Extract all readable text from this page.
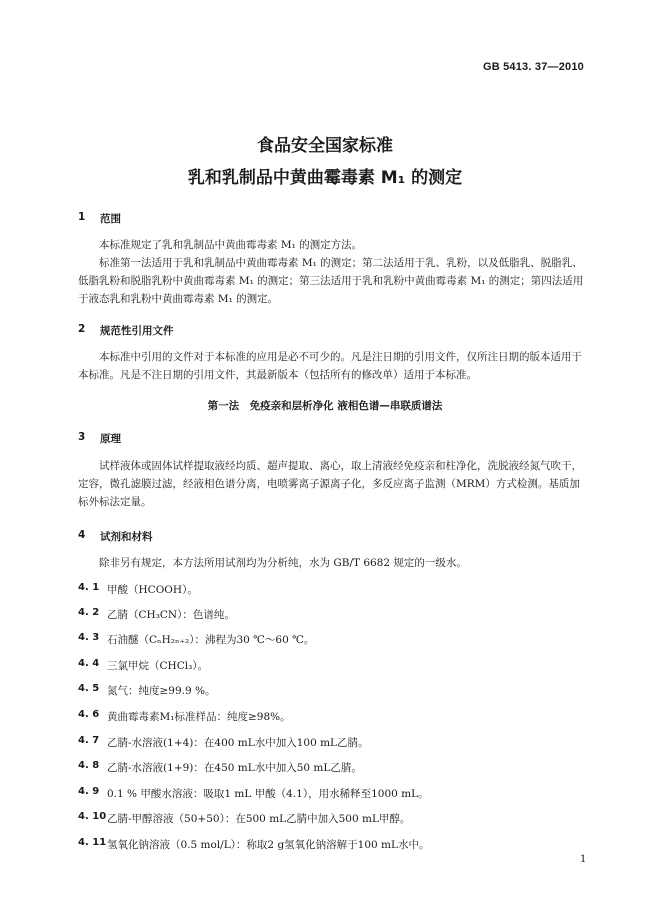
GB 5413. 37—2010
食品安全国家标准
乳和乳制品中黄曲霉毒素 M₁ 的测定
1 范围
本标准规定了乳和乳制品中黄曲霉毒素 M₁ 的测定方法。
标准第一法适用于乳和乳制品中黄曲霉毒素 M₁ 的测定；第二法适用于乳、乳粉，以及低脂乳、脱脂乳、低脂乳粉和脱脂乳粉中黄曲霉毒素 M₁ 的测定；第三法适用于乳和乳粉中黄曲霉毒素 M₁ 的测定；第四法适用于液态乳和乳粉中黄曲霉毒素 M₁ 的测定。
2 规范性引用文件
本标准中引用的文件对于本标准的应用是必不可少的。凡是注日期的引用文件，仅所注日期的版本适用于本标准。凡是不注日期的引用文件，其最新版本（包括所有的修改单）适用于本标准。
第一法　免疫亲和层析净化 液相色谱—串联质谱法
3 原理
试样液体或固体试样提取液经均质、超声提取、离心，取上清液经免疫亲和柱净化，洗脱液经氮气吹干，定容，微孔滤膜过滤，经液相色谱分离，电喷雾离子源离子化，多反应离子监测（MRM）方式检测。基质加标外标法定量。
4 试剂和材料
除非另有规定，本方法所用试剂均为分析纯，水为 GB/T 6682 规定的一级水。
4. 1 甲酸（HCOOH）。
4. 2 乙腈（CH₃CN）：色谱纯。
4. 3 石油醚（CₙH₂ₙ₊₂）：沸程为30 ℃～60 ℃。
4. 4 三氯甲烷（CHCl₃）。
4. 5 氮气：纯度≥99.9 %。
4. 6 黄曲霉毒素M₁标准样品：纯度≥98%。
4. 7 乙腈-水溶液(1+4)：在400 mL水中加入100 mL乙腈。
4. 8 乙腈-水溶液(1+9)：在450 mL水中加入50 mL乙腈。
4. 9 0.1 % 甲酸水溶液：吸取1 mL 甲酸（4.1），用水稀释至1000 mL。
4. 10 乙腈-甲醇溶液（50+50）：在500 mL乙腈中加入500 mL甲醇。
4. 11 氢氧化钠溶液（0.5 mol/L）：称取2 g氢氧化钠溶解于100 mL水中。
1
